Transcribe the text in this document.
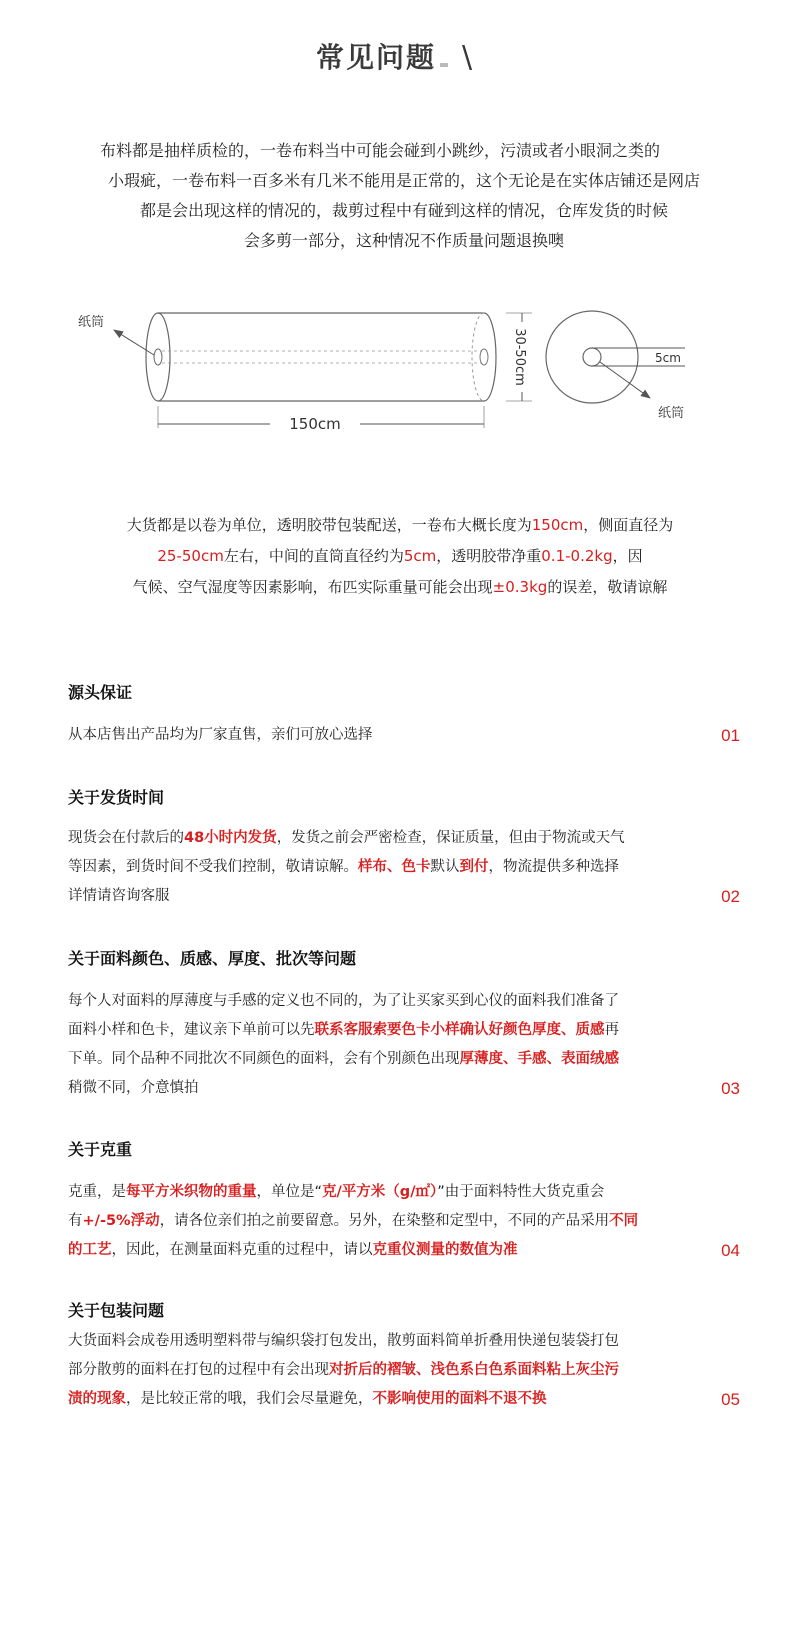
常见问题 \
布料都是抽样质检的，一卷布料当中可能会碰到小跳纱，污渍或者小眼洞之类的
小瑕疵，一卷布料一百多米有几米不能用是正常的，这个无论是在实体店铺还是网店
都是会出现这样的情况的，裁剪过程中有碰到这样的情况，仓库发货的时候
会多剪一部分，这种情况不作质量问题退换噢
纸筒
150cm
30-50cm	5cm
纸筒
大货都是以卷为单位，透明胶带包装配送，一卷布大概长度为150cm，侧面直径为
25-50cm左右，中间的直筒直径约为5cm，透明胶带净重0.1-0.2kg，因
气候、空气湿度等因素影响，布匹实际重量可能会出现±0.3kg的误差，敬请谅解
源头保证
从本店售出产品均为厂家直售，亲们可放心选择	01
关于发货时间
现货会在付款后的48小时内发货，发货之前会严密检查，保证质量，但由于物流或天气
等因素，到货时间不受我们控制，敬请谅解。样布、色卡默认到付，物流提供多种选择
详情请咨询客服	02
关于面料颜色、质感、厚度、批次等问题
每个人对面料的厚薄度与手感的定义也不同的，为了让买家买到心仪的面料我们准备了
面料小样和色卡，建议亲下单前可以先联系客服索要色卡小样确认好颜色厚度、质感再
下单。同个品种不同批次不同颜色的面料，会有个别颜色出现厚薄度、手感、表面绒感
稍微不同，介意慎拍	03
关于克重
克重，是每平方米织物的重量，单位是“克/平方米（g/㎡）”由于面料特性大货克重会
有+/-5%浮动，请各位亲们拍之前要留意。另外，在染整和定型中，不同的产品采用不同
的工艺，因此，在测量面料克重的过程中，请以克重仪测量的数值为准	04
关于包装问题
大货面料会成卷用透明塑料带与编织袋打包发出，散剪面料简单折叠用快递包装袋打包
部分散剪的面料在打包的过程中有会出现对折后的褶皱、浅色系白色系面料粘上灰尘污
渍的现象，是比较正常的哦，我们会尽量避免，不影响使用的面料不退不换	05
